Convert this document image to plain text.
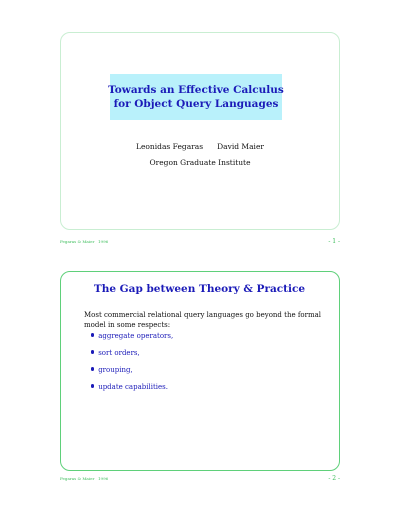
Towards an Effective Calculus
for Object Query Languages
Leonidas Fegaras David Maier
Oregon Graduate Institute
Fegaras & Maier 1996	- 1 -
The Gap between Theory & Practice
Most commercial relational query languages go beyond the formal model in some respects:
aggregate operators,
sort orders,
grouping,
update capabilities.
Fegaras & Maier 1996	- 2 -
